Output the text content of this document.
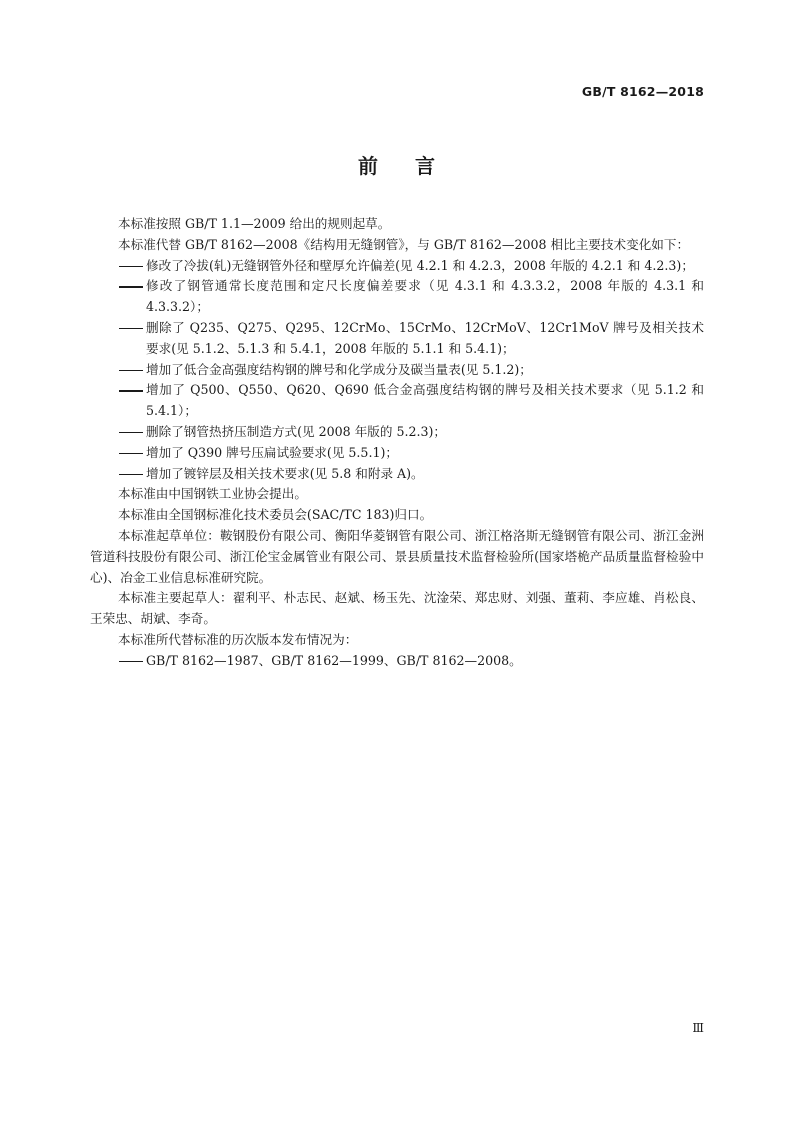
GB/T 8162—2018
前 言

本标准按照 GB/T 1.1—2009 给出的规则起草。

本标准代替 GB/T 8162—2008《结构用无缝钢管》，与 GB/T 8162—2008 相比主要技术变化如下：

修改了冷拔(轧)无缝钢管外径和壁厚允许偏差(见 4.2.1 和 4.2.3，2008 年版的 4.2.1 和 4.2.3)；

修改了钢管通常长度范围和定尺长度偏差要求（见 4.3.1 和 4.3.3.2，2008 年版的 4.3.1 和 4.3.3.2）；

删除了 Q235、Q275、Q295、12CrMo、15CrMo、12CrMoV、12Cr1MoV 牌号及相关技术要求(见 5.1.2、5.1.3 和 5.4.1，2008 年版的 5.1.1 和 5.4.1)；

增加了低合金高强度结构钢的牌号和化学成分及碳当量表(见 5.1.2)；

增加了 Q500、Q550、Q620、Q690 低合金高强度结构钢的牌号及相关技术要求（见 5.1.2 和 5.4.1）；

删除了钢管热挤压制造方式(见 2008 年版的 5.2.3)；

增加了 Q390 牌号压扁试验要求(见 5.5.1)；

增加了镀锌层及相关技术要求(见 5.8 和附录 A)。

本标准由中国钢铁工业协会提出。

本标准由全国钢标准化技术委员会(SAC/TC 183)归口。

本标准起草单位：鞍钢股份有限公司、衡阳华菱钢管有限公司、浙江格洛斯无缝钢管有限公司、浙江金洲管道科技股份有限公司、浙江伦宝金属管业有限公司、景县质量技术监督检验所(国家塔桅产品质量监督检验中心)、冶金工业信息标准研究院。

本标准主要起草人：翟利平、朴志民、赵斌、杨玉先、沈淦荣、郑忠财、刘强、董莉、李应雄、肖松良、王荣忠、胡斌、李奇。

本标准所代替标准的历次版本发布情况为：

GB/T 8162—1987、GB/T 8162—1999、GB/T 8162—2008。

Ⅲ
